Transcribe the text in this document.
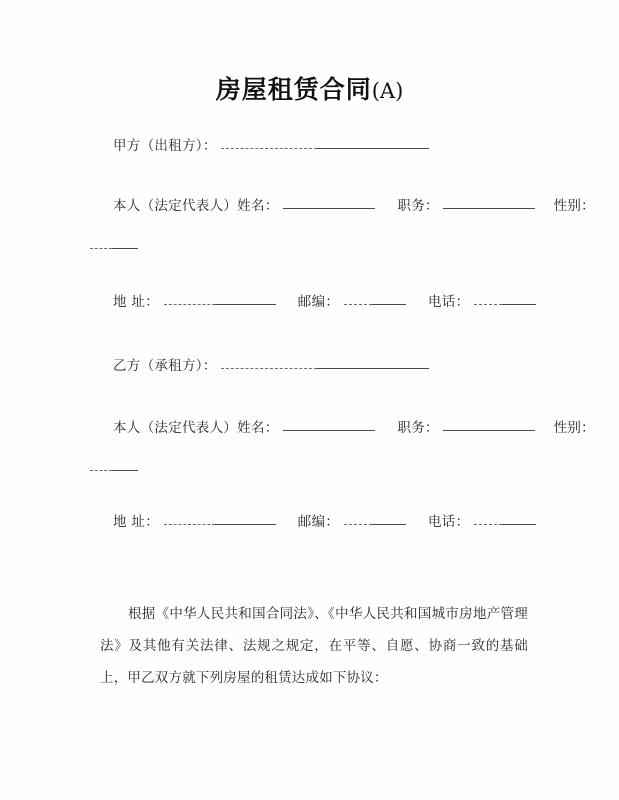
房屋租赁合同(A)
甲方（出租方）：
本人（法定代表人）姓名：	职务：	性别：
地 址：	邮编：	电话：
乙方（承租方）：
本人（法定代表人）姓名：	职务：	性别：
地 址：	邮编：	电话：
根据《中华人民共和国合同法》、《中华人民共和国城市房地产管理法》及其他有关法律、法规之规定，在平等、自愿、协商一致的基础上，甲乙双方就下列房屋的租赁达成如下协议：
